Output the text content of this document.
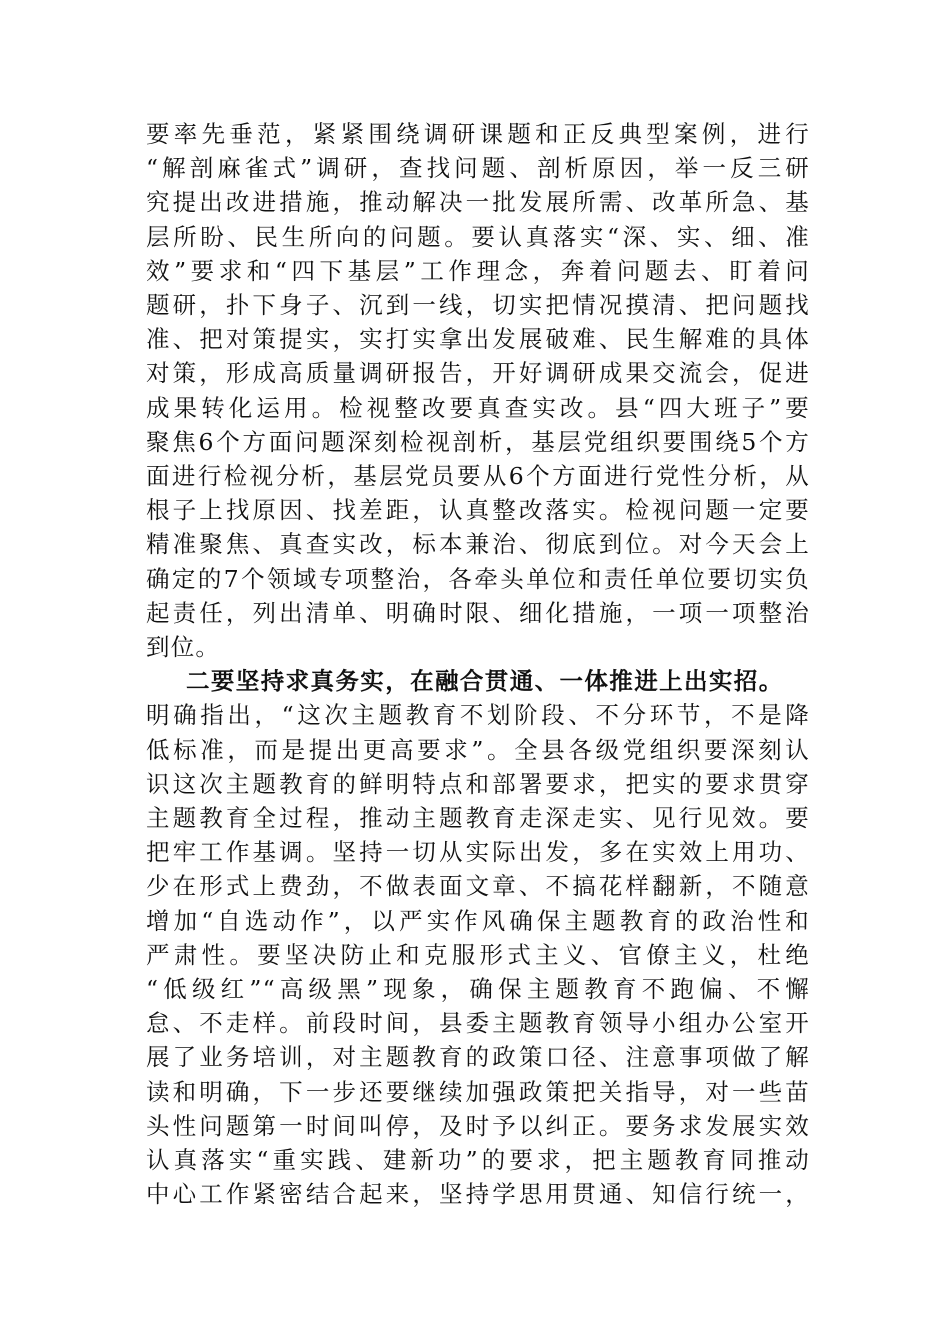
要率先垂范，紧紧围绕调研课题和正反典型案例，进行
“解剖麻雀式”调研，查找问题、剖析原因，举一反三研
究提出改进措施，推动解决一批发展所需、改革所急、基
层所盼、民生所向的问题。要认真落实“深、实、细、准
效”要求和“四下基层”工作理念，奔着问题去、盯着问
题研，扑下身子、沉到一线，切实把情况摸清、把问题找
准、把对策提实，实打实拿出发展破难、民生解难的具体
对策，形成高质量调研报告，开好调研成果交流会，促进
成果转化运用。检视整改要真查实改。县“四大班子”要
聚焦6个方面问题深刻检视剖析，基层党组织要围绕5个方
面进行检视分析，基层党员要从6个方面进行党性分析，从
根子上找原因、找差距，认真整改落实。检视问题一定要
精准聚焦、真查实改，标本兼治、彻底到位。对今天会上
确定的7个领域专项整治，各牵头单位和责任单位要切实负
起责任，列出清单、明确时限、细化措施，一项一项整治
到位。
二要坚持求真务实，在融合贯通、一体推进上出实招。
明确指出，“这次主题教育不划阶段、不分环节，不是降
低标准，而是提出更高要求”。全县各级党组织要深刻认
识这次主题教育的鲜明特点和部署要求，把实的要求贯穿
主题教育全过程，推动主题教育走深走实、见行见效。要
把牢工作基调。坚持一切从实际出发，多在实效上用功、
少在形式上费劲，不做表面文章、不搞花样翻新，不随意
增加“自选动作”，以严实作风确保主题教育的政治性和
严肃性。要坚决防止和克服形式主义、官僚主义，杜绝
“低级红”“高级黑”现象，确保主题教育不跑偏、不懈
怠、不走样。前段时间，县委主题教育领导小组办公室开
展了业务培训，对主题教育的政策口径、注意事项做了解
读和明确，下一步还要继续加强政策把关指导，对一些苗
头性问题第一时间叫停，及时予以纠正。要务求发展实效
认真落实“重实践、建新功”的要求，把主题教育同推动
中心工作紧密结合起来，坚持学思用贯通、知信行统一，
